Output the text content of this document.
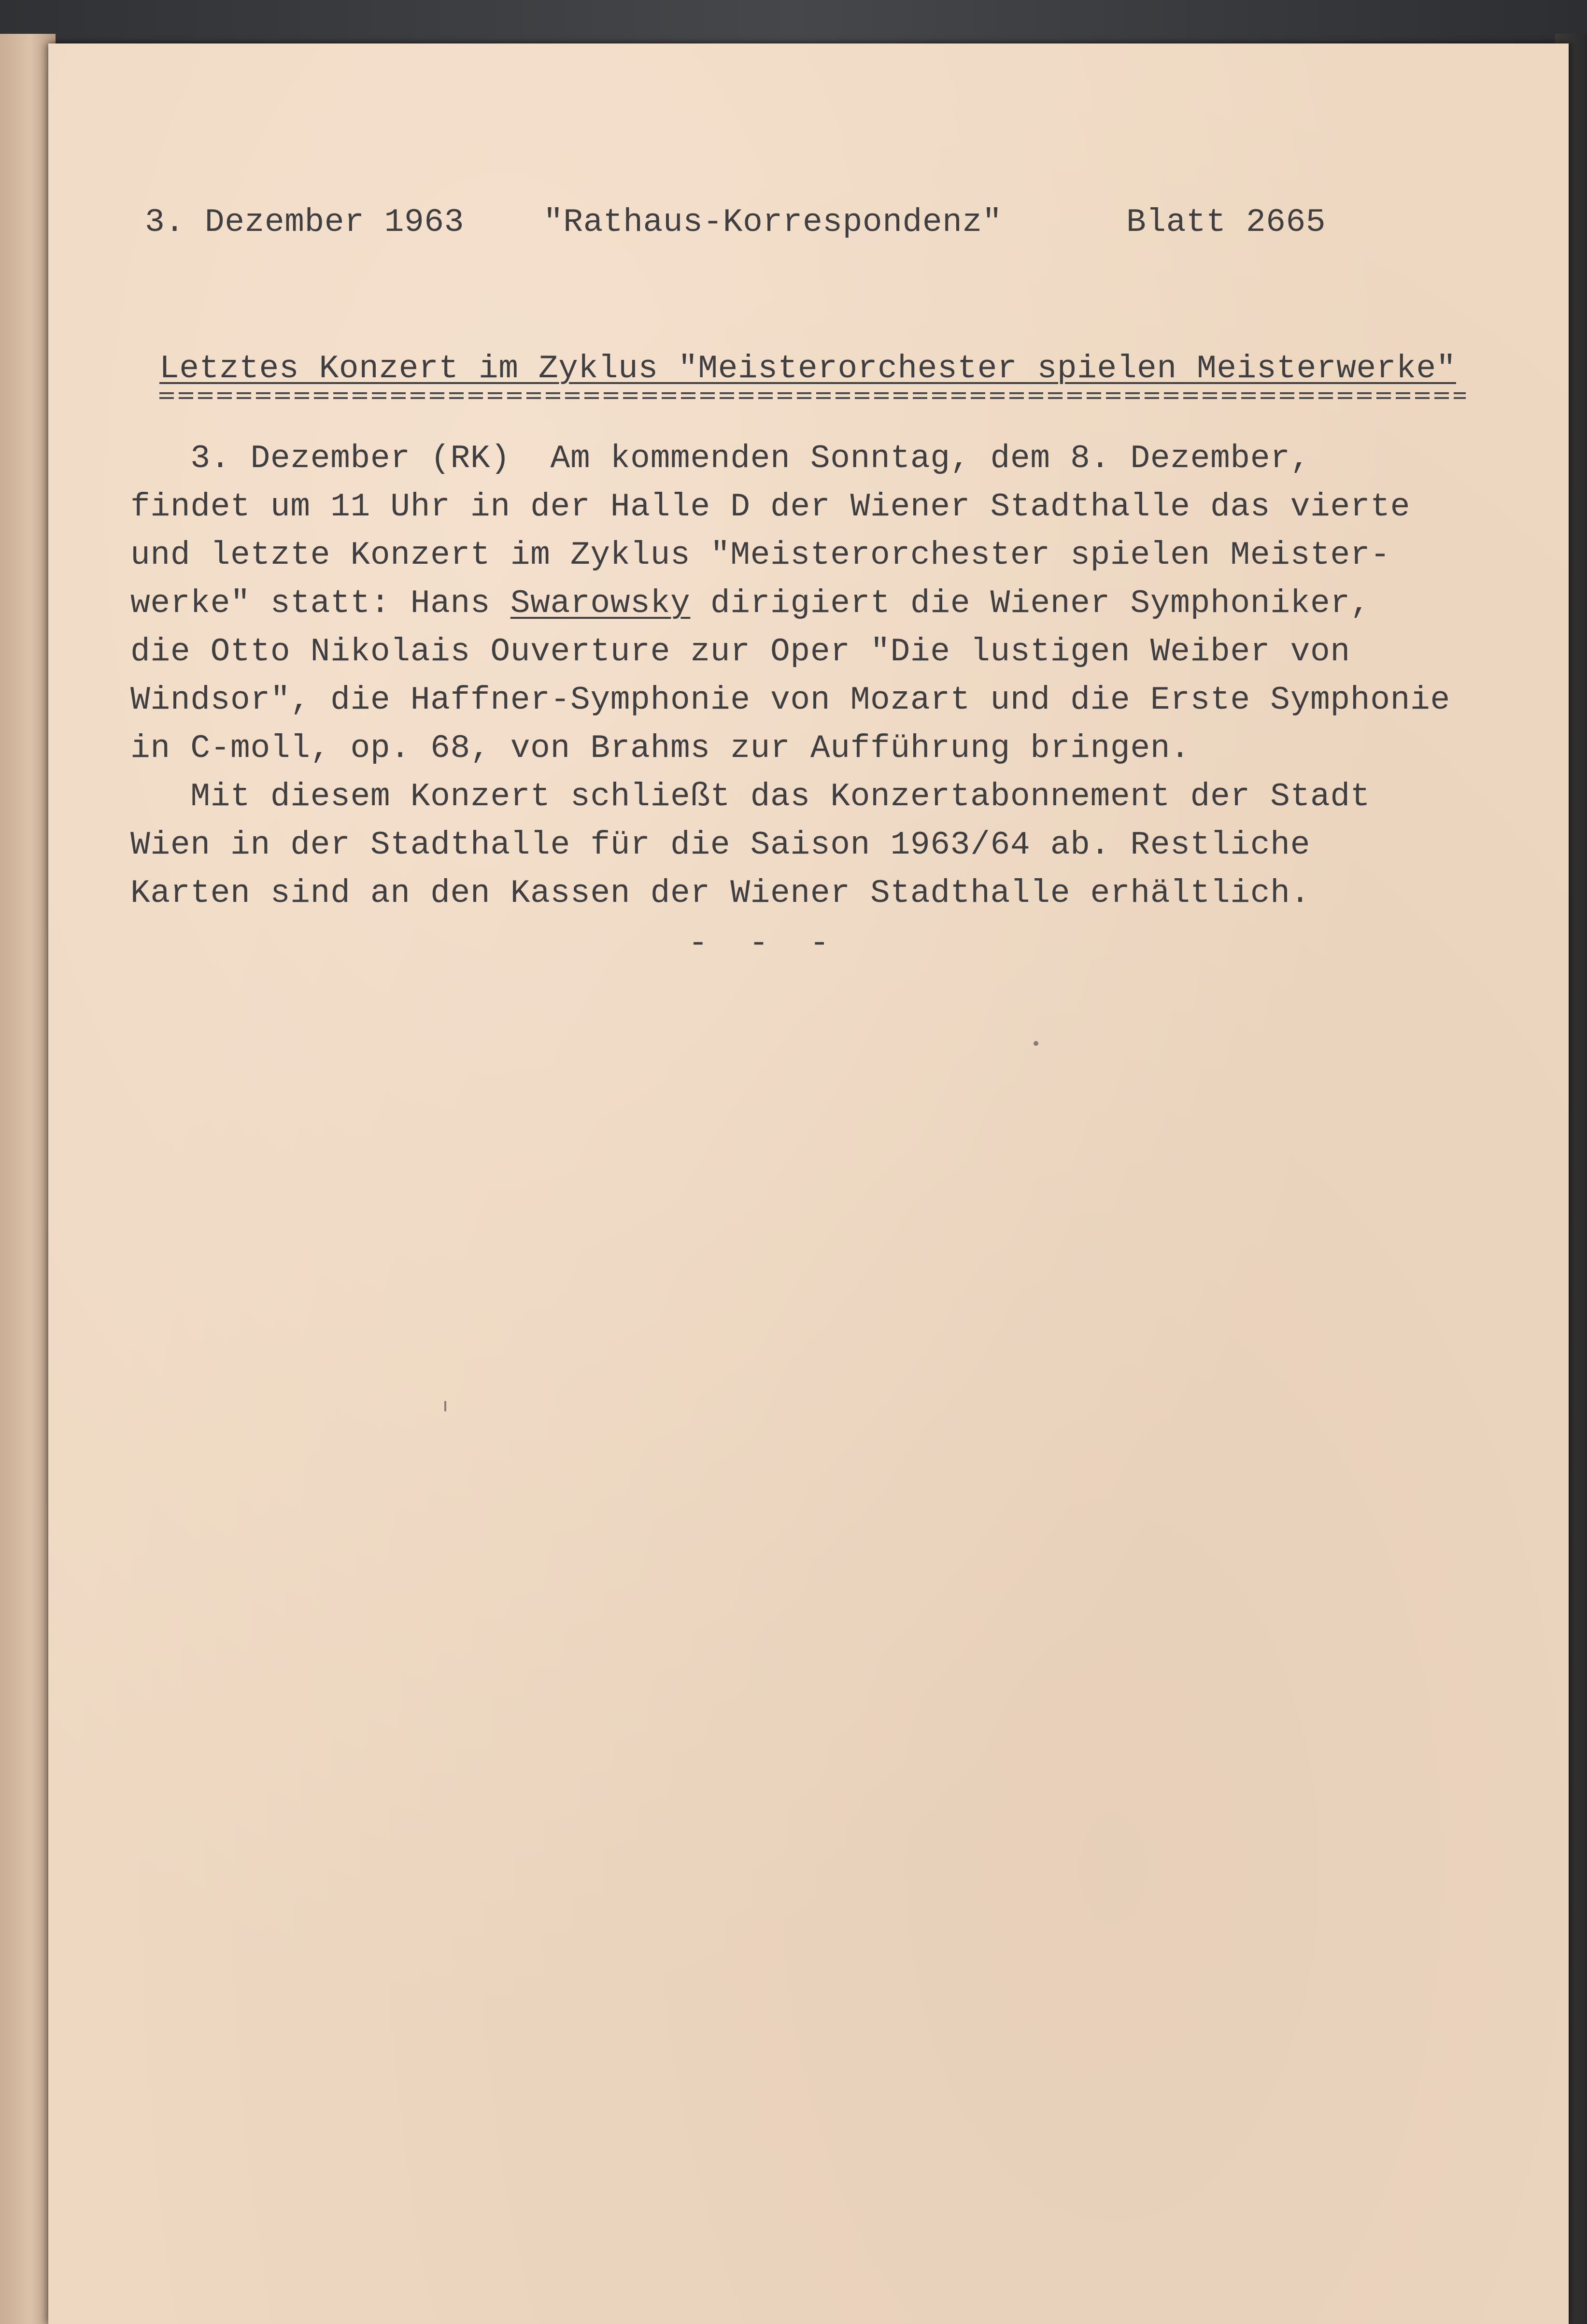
3. Dezember 1963 "Rathaus-Korrespondenz"	Blatt 2665
Letztes Konzert im Zyklus "Meisterorchester spielen Meisterwerke"
3. Dezember (RK)  Am kommenden Sonntag, dem 8. Dezember,
findet um 11 Uhr in der Halle D der Wiener Stadthalle das vierte
und letzte Konzert im Zyklus "Meisterorchester spielen Meister-
werke" statt: Hans Swarowsky dirigiert die Wiener Symphoniker,
die Otto Nikolais Ouverture zur Oper "Die lustigen Weiber von
Windsor", die Haffner-Symphonie von Mozart und die Erste Symphonie
in C-moll, op. 68, von Brahms zur Aufführung bringen.
Mit diesem Konzert schließt das Konzertabonnement der Stadt
Wien in der Stadthalle für die Saison 1963/64 ab. Restliche
Karten sind an den Kassen der Wiener Stadthalle erhältlich.
- - -
